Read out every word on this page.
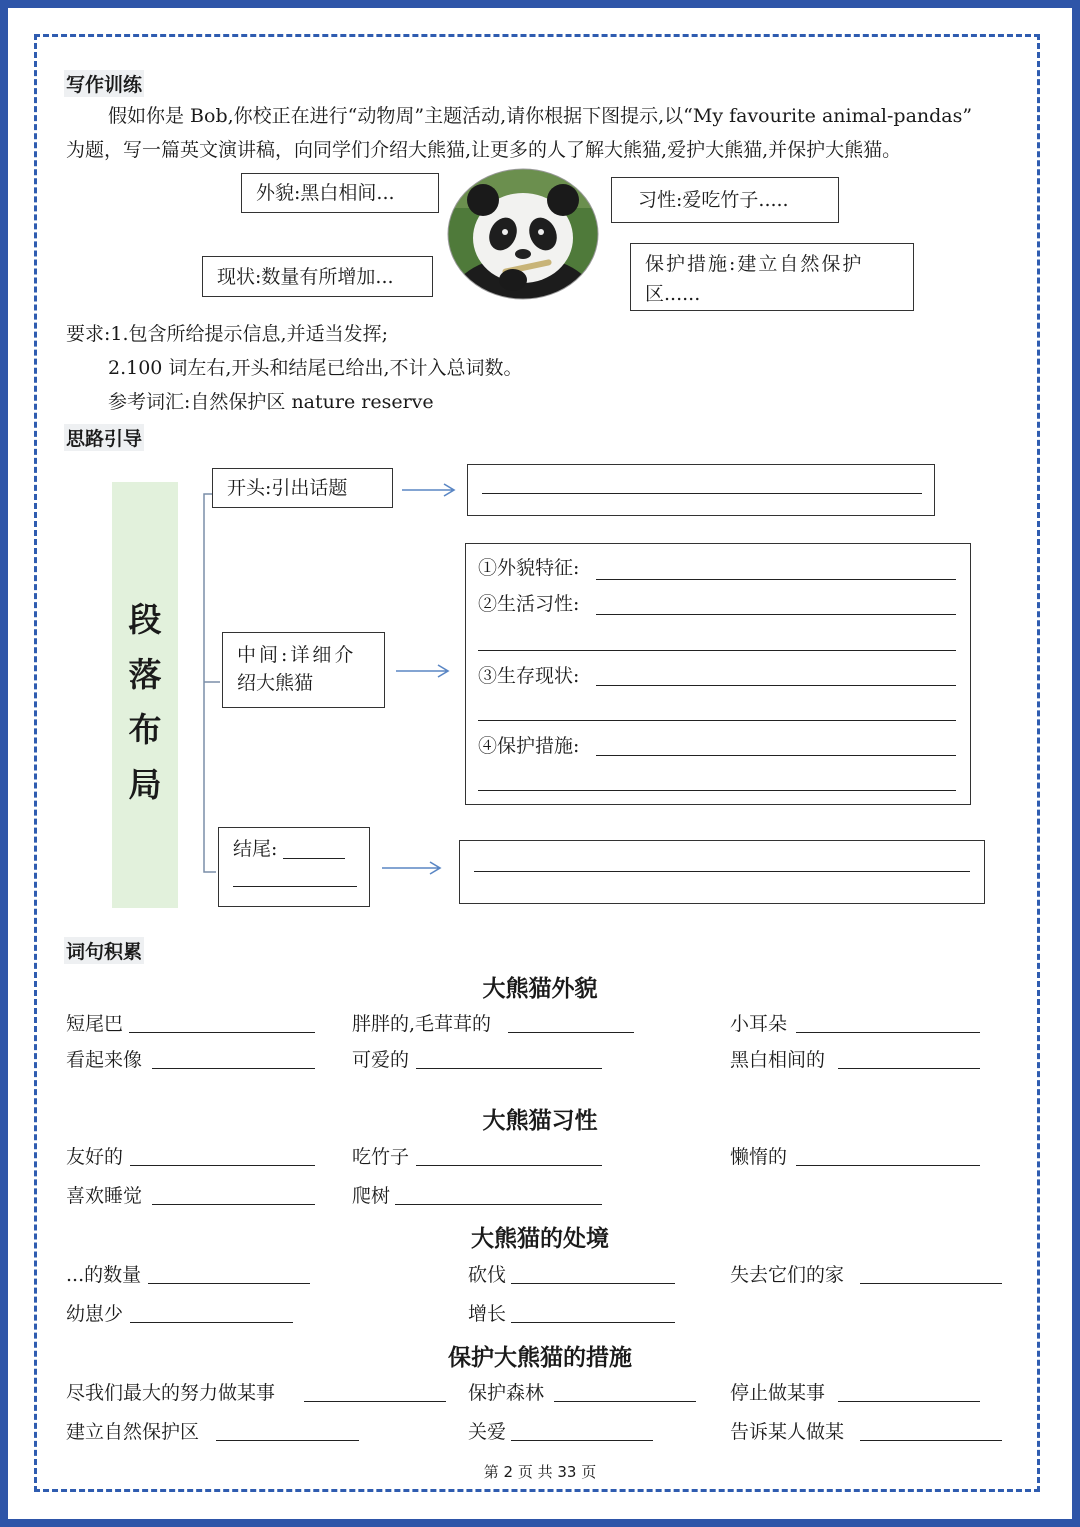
写作训练
假如你是 Bob,你校正在进行“动物周”主题活动,请你根据下图提示,以“My favourite animal-pandas”
为题，写一篇英文演讲稿，向同学们介绍大熊猫,让更多的人了解大熊猫,爱护大熊猫,并保护大熊猫。
外貌:黑白相间...	习性:爱吃竹子.....
现状:数量有所增加...
保护措施:建立自然保护
区......
要求:1.包含所给提示信息,并适当发挥;
2.100 词左右,开头和结尾已给出,不计入总词数。
参考词汇:自然保护区 nature reserve
思路引导
段
落
布
局
开头:引出话题
中间:详细介
绍大熊猫
①外貌特征:
②生活习性:
③生存现状:
④保护措施:
结尾:
词句积累
大熊猫外貌
短尾巴	胖胖的,毛茸茸的	小耳朵
看起来像	可爱的	黑白相间的
大熊猫习性
友好的	吃竹子	懒惰的
喜欢睡觉	爬树
大熊猫的处境
...的数量	砍伐	失去它们的家
幼崽少	增长
保护大熊猫的措施
尽我们最大的努力做某事	保护森林	停止做某事
建立自然保护区	关爱	告诉某人做某
第 2 页 共 33 页
